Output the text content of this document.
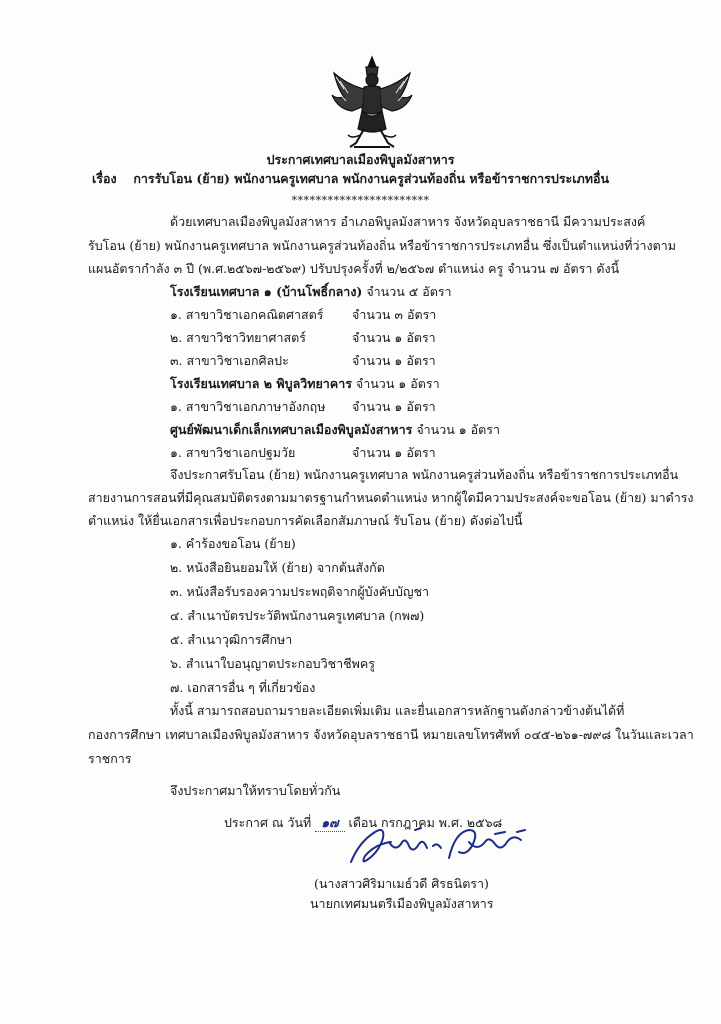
ประกาศเทศบาลเมืองพิบูลมังสาหาร
เรื่อง การรับโอน (ย้าย) พนักงานครูเทศบาล พนักงานครูส่วนท้องถิ่น หรือข้าราชการประเภทอื่น
***********************
ด้วยเทศบาลเมืองพิบูลมังสาหาร อำเภอพิบูลมังสาหาร จังหวัดอุบลราชธานี มีความประสงค์
รับโอน (ย้าย) พนักงานครูเทศบาล พนักงานครูส่วนท้องถิ่น หรือข้าราชการประเภทอื่น ซึ่งเป็นตำแหน่งที่ว่างตาม
แผนอัตรากำลัง ๓ ปี (พ.ศ.๒๕๖๗-๒๕๖๙) ปรับปรุงครั้งที่ ๒/๒๕๖๗ ตำแหน่ง ครู จำนวน ๗ อัตรา ดังนี้
โรงเรียนเทศบาล ๑ (บ้านโพธิ์กลาง) จำนวน ๕ อัตรา
๑. สาขาวิชาเอกคณิตศาสตร์ จำนวน ๓ อัตรา
๒. สาขาวิชาวิทยาศาสตร์	จำนวน ๑ อัตรา
๓. สาขาวิชาเอกศิลปะ	จำนวน ๑ อัตรา
โรงเรียนเทศบาล ๒ พิบูลวิทยาคาร จำนวน ๑ อัตรา
๑. สาขาวิชาเอกภาษาอังกฤษ จำนวน ๑ อัตรา
ศูนย์พัฒนาเด็กเล็กเทศบาลเมืองพิบูลมังสาหาร จำนวน ๑ อัตรา
๑. สาขาวิชาเอกปฐมวัย	จำนวน ๑ อัตรา
จึงประกาศรับโอน (ย้าย) พนักงานครูเทศบาล พนักงานครูส่วนท้องถิ่น หรือข้าราชการประเภทอื่น
สายงานการสอนที่มีคุณสมบัติตรงตามมาตรฐานกำหนดตำแหน่ง หากผู้ใดมีความประสงค์จะขอโอน (ย้าย) มาดำรง
ตำแหน่ง ให้ยื่นเอกสารเพื่อประกอบการคัดเลือกสัมภาษณ์ รับโอน (ย้าย) ดังต่อไปนี้
๑. คำร้องขอโอน (ย้าย)
๒. หนังสือยินยอมให้ (ย้าย) จากต้นสังกัด
๓. หนังสือรับรองความประพฤติจากผู้บังคับบัญชา
๔. สำเนาบัตรประวัติพนักงานครูเทศบาล (กพ๗)
๕. สำเนาวุฒิการศึกษา
๖. สำเนาใบอนุญาตประกอบวิชาชีพครู
๗. เอกสารอื่น ๆ ที่เกี่ยวข้อง
ทั้งนี้ สามารถสอบถามรายละเอียดเพิ่มเติม และยื่นเอกสารหลักฐานดังกล่าวข้างต้นได้ที่
กองการศึกษา เทศบาลเมืองพิบูลมังสาหาร จังหวัดอุบลราชธานี หมายเลขโทรศัพท์ ๐๔๕-๒๖๑-๗๙๘ ในวันและเวลา
ราชการ
จึงประกาศมาให้ทราบโดยทั่วกัน
ประกาศ ณ วันที่ ๑๗ เดือน กรกฎาคม พ.ศ. ๒๕๖๘
(นางสาวศิริมาเมธ์วดี ศิรธนิตรา)
นายกเทศมนตรีเมืองพิบูลมังสาหาร
